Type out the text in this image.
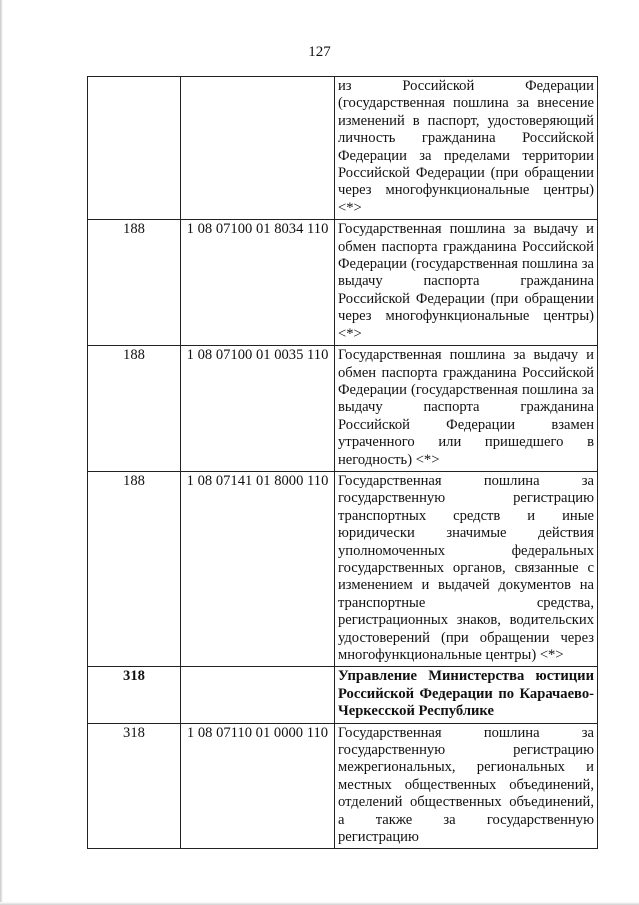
127
		из Российской Федерации (государственная пошлина за внесение изменений в паспорт, удостоверяющий личность гражданина Российской Федерации за пределами территории Российской Федерации (при обращении через многофункциональные центры) <*>
188	1 08 07100 01 8034 110	Государственная пошлина за выдачу и обмен паспорта гражданина Российской Федерации (государственная пошлина за выдачу паспорта гражданина Российской Федерации (при обращении через многофункциональные центры) <*>
188	1 08 07100 01 0035 110	Государственная пошлина за выдачу и обмен паспорта гражданина Российской Федерации (государственная пошлина за выдачу паспорта гражданина Российской Федерации взамен утраченного или пришедшего в негодность) <*>
188	1 08 07141 01 8000 110	Государственная пошлина за государственную регистрацию транспортных средств и иные юридически значимые действия уполномоченных федеральных государственных органов, связанные с изменением и выдачей документов на транспортные средства, регистрационных знаков, водительских удостоверений (при обращении через многофункциональные центры) <*>
318		Управление Министерства юстиции Российской Федерации по Карачаево-Черкесской Республике
318	1 08 07110 01 0000 110	Государственная пошлина за государственную регистрацию межрегиональных, региональных и местных общественных объединений, отделений общественных объединений, а также за государственную регистрацию
